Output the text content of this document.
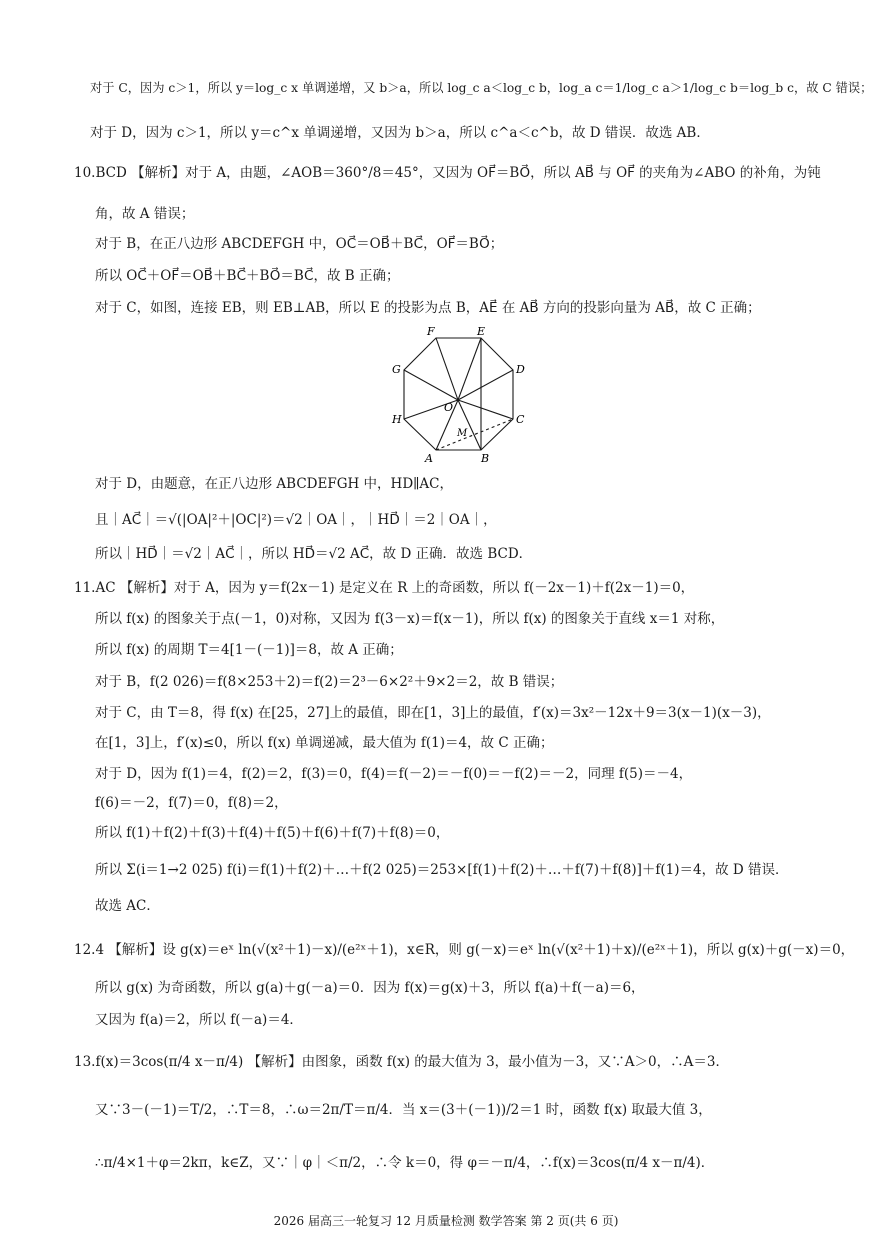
对于 C，因为 c＞1，所以 y＝log_c x 单调递增，又 b＞a，所以 log_c a＜log_c b，log_a c＝1/log_c a＞1/log_c b＝log_b c，故 C 错误；
对于 D，因为 c＞1，所以 y＝c^x 单调递增，又因为 b＞a，所以 c^a＜c^b，故 D 错误．故选 AB．
10.BCD 【解析】对于 A，由题，∠AOB＝360°/8＝45°，又因为 OF⃗＝BO⃗，所以 AB⃗ 与 OF⃗ 的夹角为∠ABO 的补角，为钝
角，故 A 错误；
对于 B，在正八边形 ABCDEFGH 中，OC⃗＝OB⃗＋BC⃗，OF⃗＝BO⃗；
所以 OC⃗＋OF⃗＝OB⃗＋BC⃗＋BO⃗＝BC⃗，故 B 正确；
对于 C，如图，连接 EB，则 EB⊥AB，所以 E 的投影为点 B，AE⃗ 在 AB⃗ 方向的投影向量为 AB⃗，故 C 正确；
F	E
D
G
C
H
B
A
O
M
对于 D，由题意，在正八边形 ABCDEFGH 中，HD∥AC，
且｜AC⃗｜＝√(|OA|²＋|OC|²)＝√2｜OA｜，｜HD⃗｜＝2｜OA｜，
所以｜HD⃗｜＝√2｜AC⃗｜，所以 HD⃗＝√2 AC⃗，故 D 正确．故选 BCD．
11.AC 【解析】对于 A，因为 y＝f(2x－1) 是定义在 R 上的奇函数，所以 f(－2x－1)＋f(2x－1)＝0，
所以 f(x) 的图象关于点(－1，0)对称，又因为 f(3－x)＝f(x－1)，所以 f(x) 的图象关于直线 x＝1 对称，
所以 f(x) 的周期 T＝4[1－(－1)]＝8，故 A 正确；
对于 B，f(2 026)＝f(8×253＋2)＝f(2)＝2³－6×2²＋9×2＝2，故 B 错误；
对于 C，由 T＝8，得 f(x) 在[25，27]上的最值，即在[1，3]上的最值，f′(x)＝3x²－12x＋9＝3(x－1)(x－3)，
在[1，3]上，f′(x)≤0，所以 f(x) 单调递减，最大值为 f(1)＝4，故 C 正确；
对于 D，因为 f(1)＝4，f(2)＝2，f(3)＝0，f(4)＝f(－2)＝－f(0)＝－f(2)＝－2，同理 f(5)＝－4，
f(6)＝－2，f(7)＝0，f(8)＝2，
所以 f(1)＋f(2)＋f(3)＋f(4)＋f(5)＋f(6)＋f(7)＋f(8)＝0，
所以 Σ(i＝1→2 025) f(i)＝f(1)＋f(2)＋…＋f(2 025)＝253×[f(1)＋f(2)＋…＋f(7)＋f(8)]＋f(1)＝4，故 D 错误．
故选 AC．
12.4 【解析】设 g(x)＝eˣ ln(√(x²＋1)－x)/(e²ˣ＋1)，x∈R，则 g(－x)＝eˣ ln(√(x²＋1)＋x)/(e²ˣ＋1)，所以 g(x)＋g(－x)＝0，
所以 g(x) 为奇函数，所以 g(a)＋g(－a)＝0．因为 f(x)＝g(x)＋3，所以 f(a)＋f(－a)＝6，
又因为 f(a)＝2，所以 f(－a)＝4．
13.f(x)＝3cos(π/4 x－π/4) 【解析】由图象，函数 f(x) 的最大值为 3，最小值为－3，又∵A＞0，∴A＝3．
又∵3－(－1)＝T/2，∴T＝8，∴ω＝2π/T＝π/4．当 x＝(3＋(－1))/2＝1 时，函数 f(x) 取最大值 3，
∴π/4×1＋φ＝2kπ，k∈Z，又∵｜φ｜＜π/2，∴令 k＝0，得 φ＝－π/4，∴f(x)＝3cos(π/4 x－π/4)．
2026 届高三一轮复习 12 月质量检测 数学答案 第 2 页(共 6 页)
